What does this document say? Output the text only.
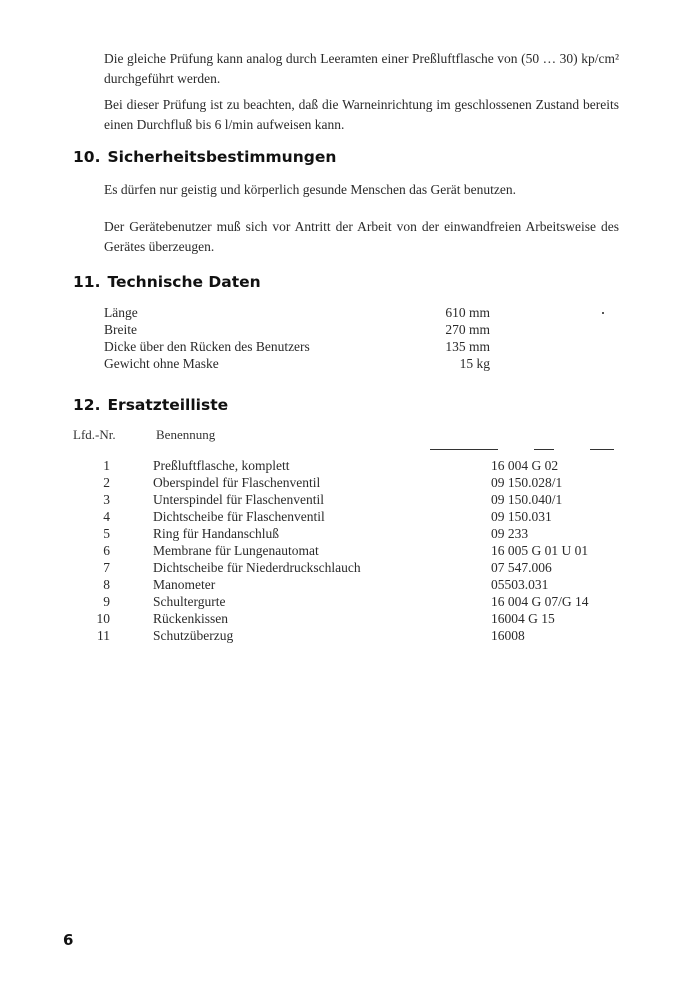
Die gleiche Prüfung kann analog durch Leeramten einer Preßluftflasche von (50 … 30) kp/cm² durchgeführt werden.
Bei dieser Prüfung ist zu beachten, daß die Warneinrichtung im geschlossenen Zustand bereits einen Durchfluß bis 6 l/min aufweisen kann.
10. Sicherheitsbestimmungen
Es dürfen nur geistig und körperlich gesunde Menschen das Gerät benutzen.
Der Gerätebenutzer muß sich vor Antritt der Arbeit von der einwandfreien Arbeitsweise des Gerätes überzeugen.
11. Technische Daten
Länge	610 mm
Breite	270 mm
Dicke über den Rücken des Benutzers	135 mm
Gewicht ohne Maske	15 kg
12. Ersatzteilliste
Lfd.-Nr.	Benennung
1	Preßluftflasche, komplett	16 004 G 02
2	Oberspindel für Flaschenventil	09 150.028/1
3	Unterspindel für Flaschenventil	09 150.040/1
4	Dichtscheibe für Flaschenventil	09 150.031
5	Ring für Handanschluß	09 233
6	Membrane für Lungenautomat	16 005 G 01 U 01
7	Dichtscheibe für Niederdruckschlauch	07 547.006
8	Manometer	05503.031
9	Schultergurte	16 004 G 07/G 14
10	Rückenkissen	16004 G 15
11	Schutzüberzug	16008
6
